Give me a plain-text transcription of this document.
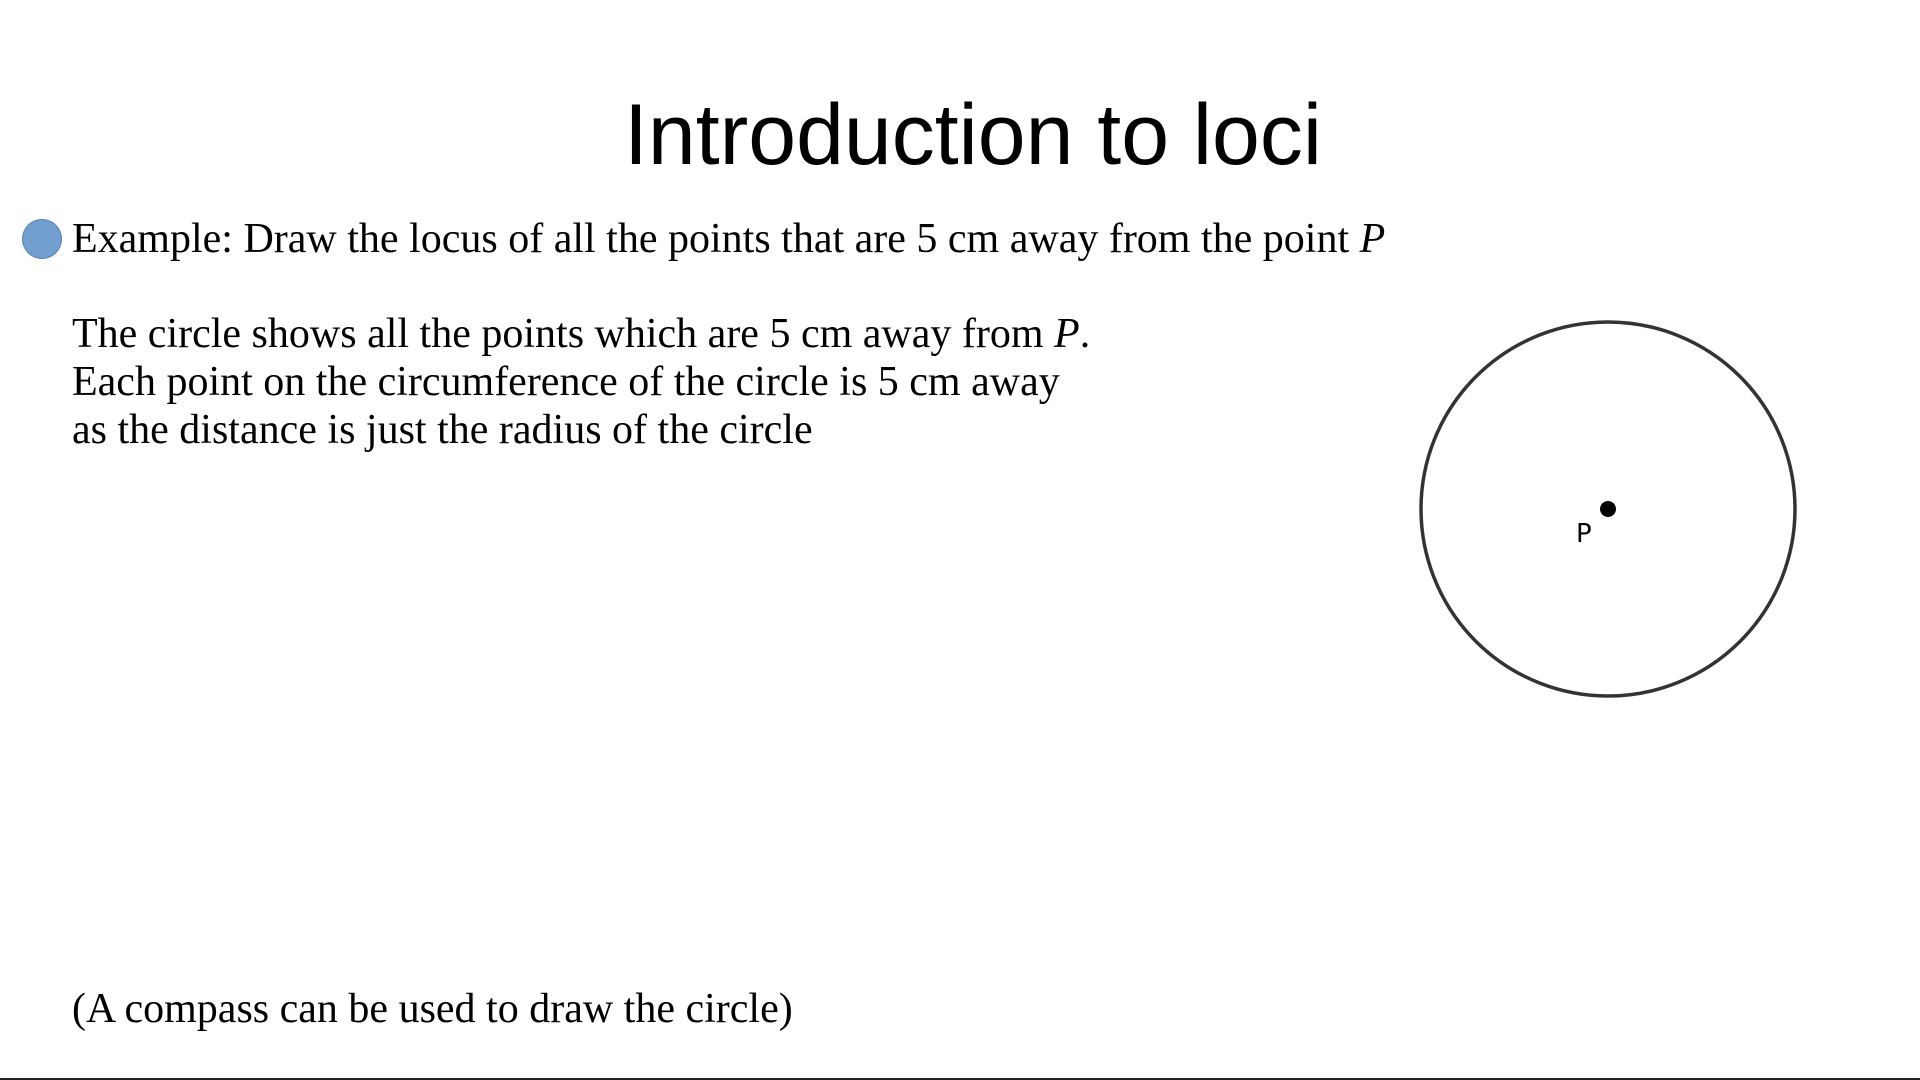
Introduction to loci
Example: Draw the locus of all the points that are 5 cm away from the point P
The circle shows all the points which are 5 cm away from P.
Each point on the circumference of the circle is 5 cm away
as the distance is just the radius of the circle
P
(A compass can be used to draw the circle)
